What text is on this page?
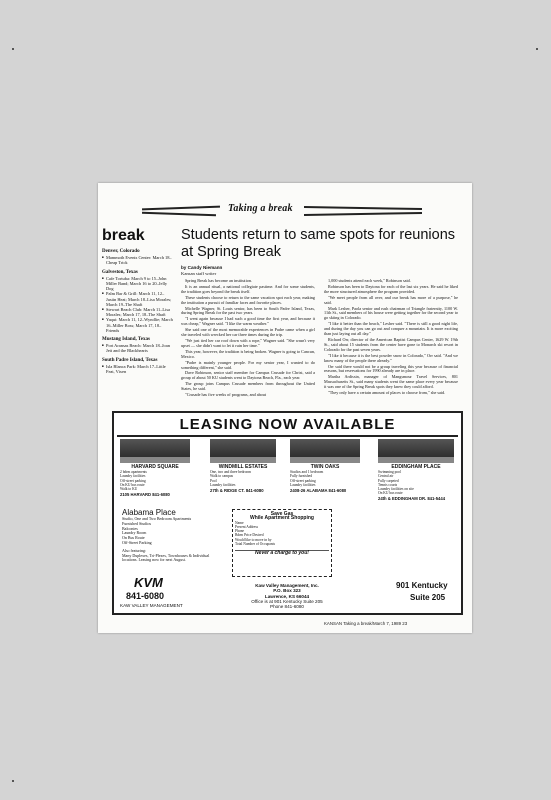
Taking a break
break
Denver, Colorado

■ Mammoth Events Center: March 18–Cheap Trick

Galveston, Texas

■ Cafe Tortuba: March 9 to 15–John Miller Band; March 16 to 20–Jelly Dog

■ Palm Bar & Grill: March 11, 12–Justin Heat; March 18–Lisa Morales; March 19–The Shaft

■ Stewart Beach Club: March 11–Lisa Morales; March 17, 18–The Shaft

■ Yaqui: March 11, 12–Wyndlie; March 16–Miller Boss; March 17, 18–Friends

Mustang Island, Texas

■ Port Aransas Beach: March 18–Joan Jett and the Blackhearts

South Padre Island, Texas

■ Isla Blanca Park: March 17–Little Feat, Vixen

Students return to same spots for reunions at Spring Break
by Candy Niemann
Kansan staff writer

Spring Break has become an institution.

It is an annual ritual, a national collegiate pastime. And for some students, the tradition goes beyond the break itself.

These students choose to return to the same vacation spot each year, making the institution a pursuit of familiar faces and favorite places.

Michelle Wagner, St. Louis senior, has been to South Padre Island, Texas, during Spring Break for the past two years.

"I went again because I had such a good time the first year, and because it was cheap," Wagner said. "I like the warm weather."

She said one of the most memorable experiences in Padre came when a girl she traveled with wrecked her car three times during the trip.

"We just tied her car roof down with a rope," Wagner said. "She wasn't very upset — she didn't want to let it ruin her time."

This year, however, the tradition is being broken. Wagner is going to Cancun, Mexico.

"Padre is mainly younger people. For my senior year, I wanted to do something different," she said.

Dave Robinson, senior staff member for Campus Crusade for Christ, said a group of about 50 KU students went to Daytona Beach, Fla., each year.

The group joins Campus Crusade members from throughout the United States, he said.

"Crusade has five weeks of programs, and about

1,000 students attend each week," Robinson said.

Robinson has been to Daytona for each of the last six years. He said he liked the more structured atmosphere the program provided.

"We meet people from all over, and our break has more of a purpose," he said.

Mark Lesher, Paola senior and rush chairman of Triangle fraternity, 1100 W. 11th St., said members of his house were getting together for the second year to go skiing in Colorado.

"I like it better than the beach," Lesher said. "There is still a good night life, and during the day you can go out and conquer a mountain. It is more exciting than just laying out all day."

Richard Orr, director of the American Baptist Campus Center, 1629 W. 19th St., said about 15 students from the center have gone to Monarch ski resort in Colorado for the past seven years.

"I like it because it is the best powder snow in Colorado," Orr said. "And we know many of the people there already."

Orr said there would not be a group traveling this year because of financial reasons, but reservations for 1990 already are in place.

Martha Ardissin, manager of Mangsmour Travel Services, 801 Massachusetts St., said many students went the same place every year because it was one of the Spring Break spots they knew they could afford.

"They only have a certain amount of places to choose from," she said.

LEASING NOW AVAILABLE
HARVARD SQUARE
2 bdrm apartments
Laundry facilities
Off-street parking
On KU bus route
Walk to KU
2105 HARVARD 841-6080
WINDMILL ESTATES
One, two and three bedroom
Walk to campus
Pool
Laundry facilities
27th & RIDGE CT. 841-6080
TWIN OAKS
Studios and 1 bedroom
Fully furnished
Off-street parking
Laundry facilities
2408-26 ALABAMA 841-6080
EDDINGHAM PLACE
Swimming pool
Central air
Fully carpeted
Tennis courts
Laundry facilities on site
On KU bus route
24th & EDDINGHAM DR. 841-5444
Alabama Place
Studio, One and Two Bedroom Apartments
Furnished Studios
Balconies
Laundry Room
On Bus Route
Off-Street Parking
Also featuring:
Many Duplexes, Tri-Plexes, Townhouses & Individual locations. Leasing now for next August.
KVM
841-6080
KAW VALLEY MANAGEMENT
Save Gas
While Apartment Shopping
Name
Present Address
Phone
Bdrm Price Desired
Would like to move in by
Total Number of Occupants
Never a charge to you!
Kaw Valley Management, Inc.
P.O. Box 323
Lawrence, KS 66044
Office is at 901 Kentucky Suite 205
Phone 841-6080
901 Kentucky
Suite 205
KANSAN Taking a break/March 7, 1989 23
